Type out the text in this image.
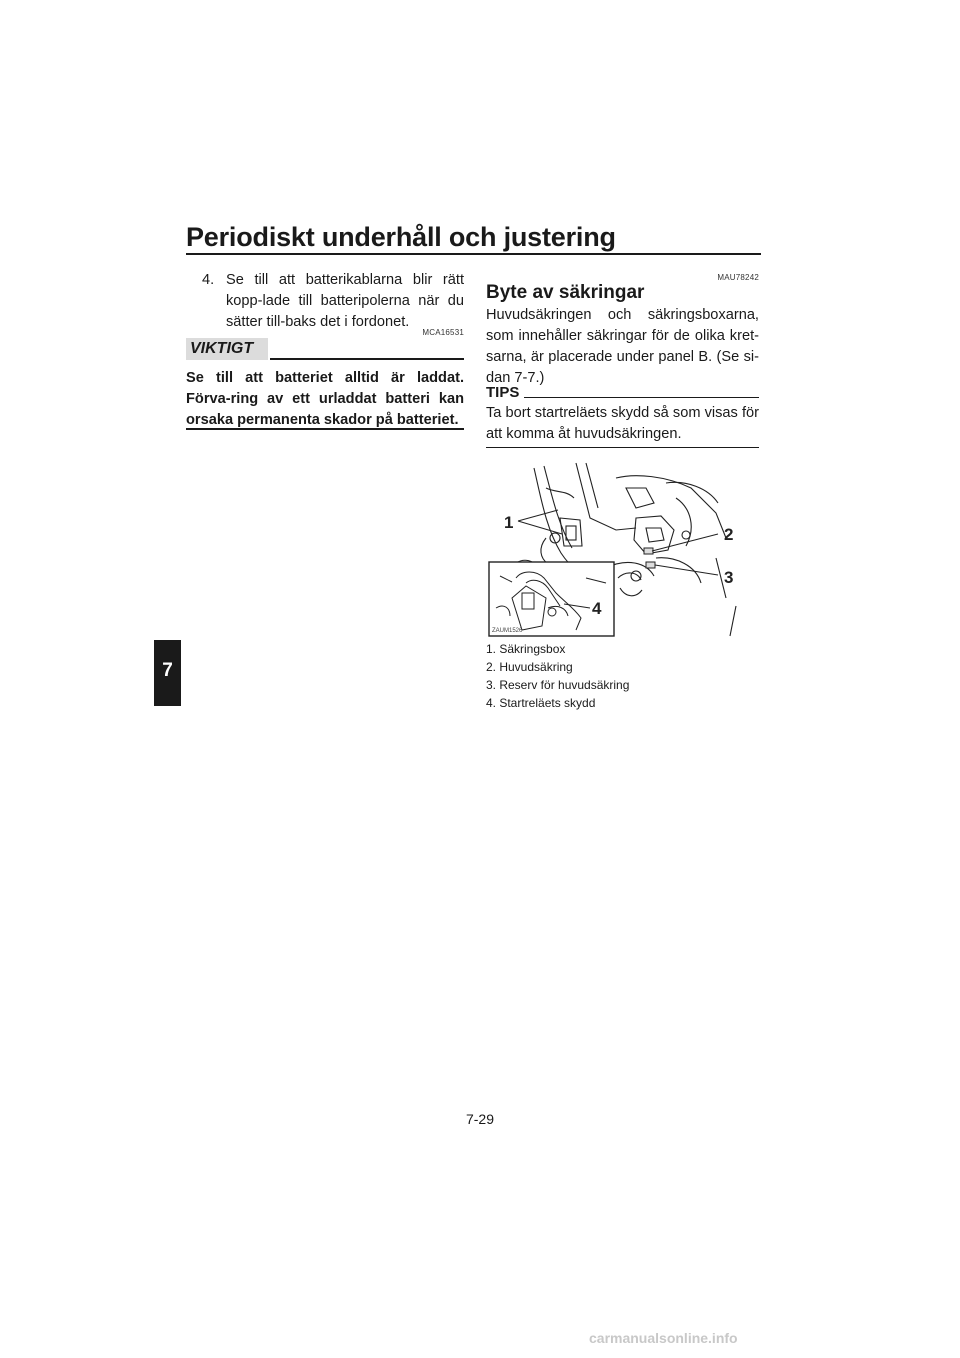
Periodiskt underhåll och justering
7
4. Se till att batterikablarna blir rätt kopp-lade till batteripolerna när du sätter till-baks det i fordonet.
MCA16531
VIKTIGT
Se till att batteriet alltid är laddat. Förva-ring av ett urladdat batteri kan orsaka permanenta skador på batteriet.
MAU78242
Byte av säkringar
Huvudsäkringen och säkringsboxarna, som innehåller säkringar för de olika kret-sarna, är placerade under panel B. (Se si-dan 7-7.)
TIPS
Ta bort startreläets skydd så som visas för att komma åt huvudsäkringen.
1
2
3
4
ZAUM1526
1. Säkringsbox
2. Huvudsäkring
3. Reserv för huvudsäkring
4. Startreläets skydd
7-29
carmanualsonline.info
